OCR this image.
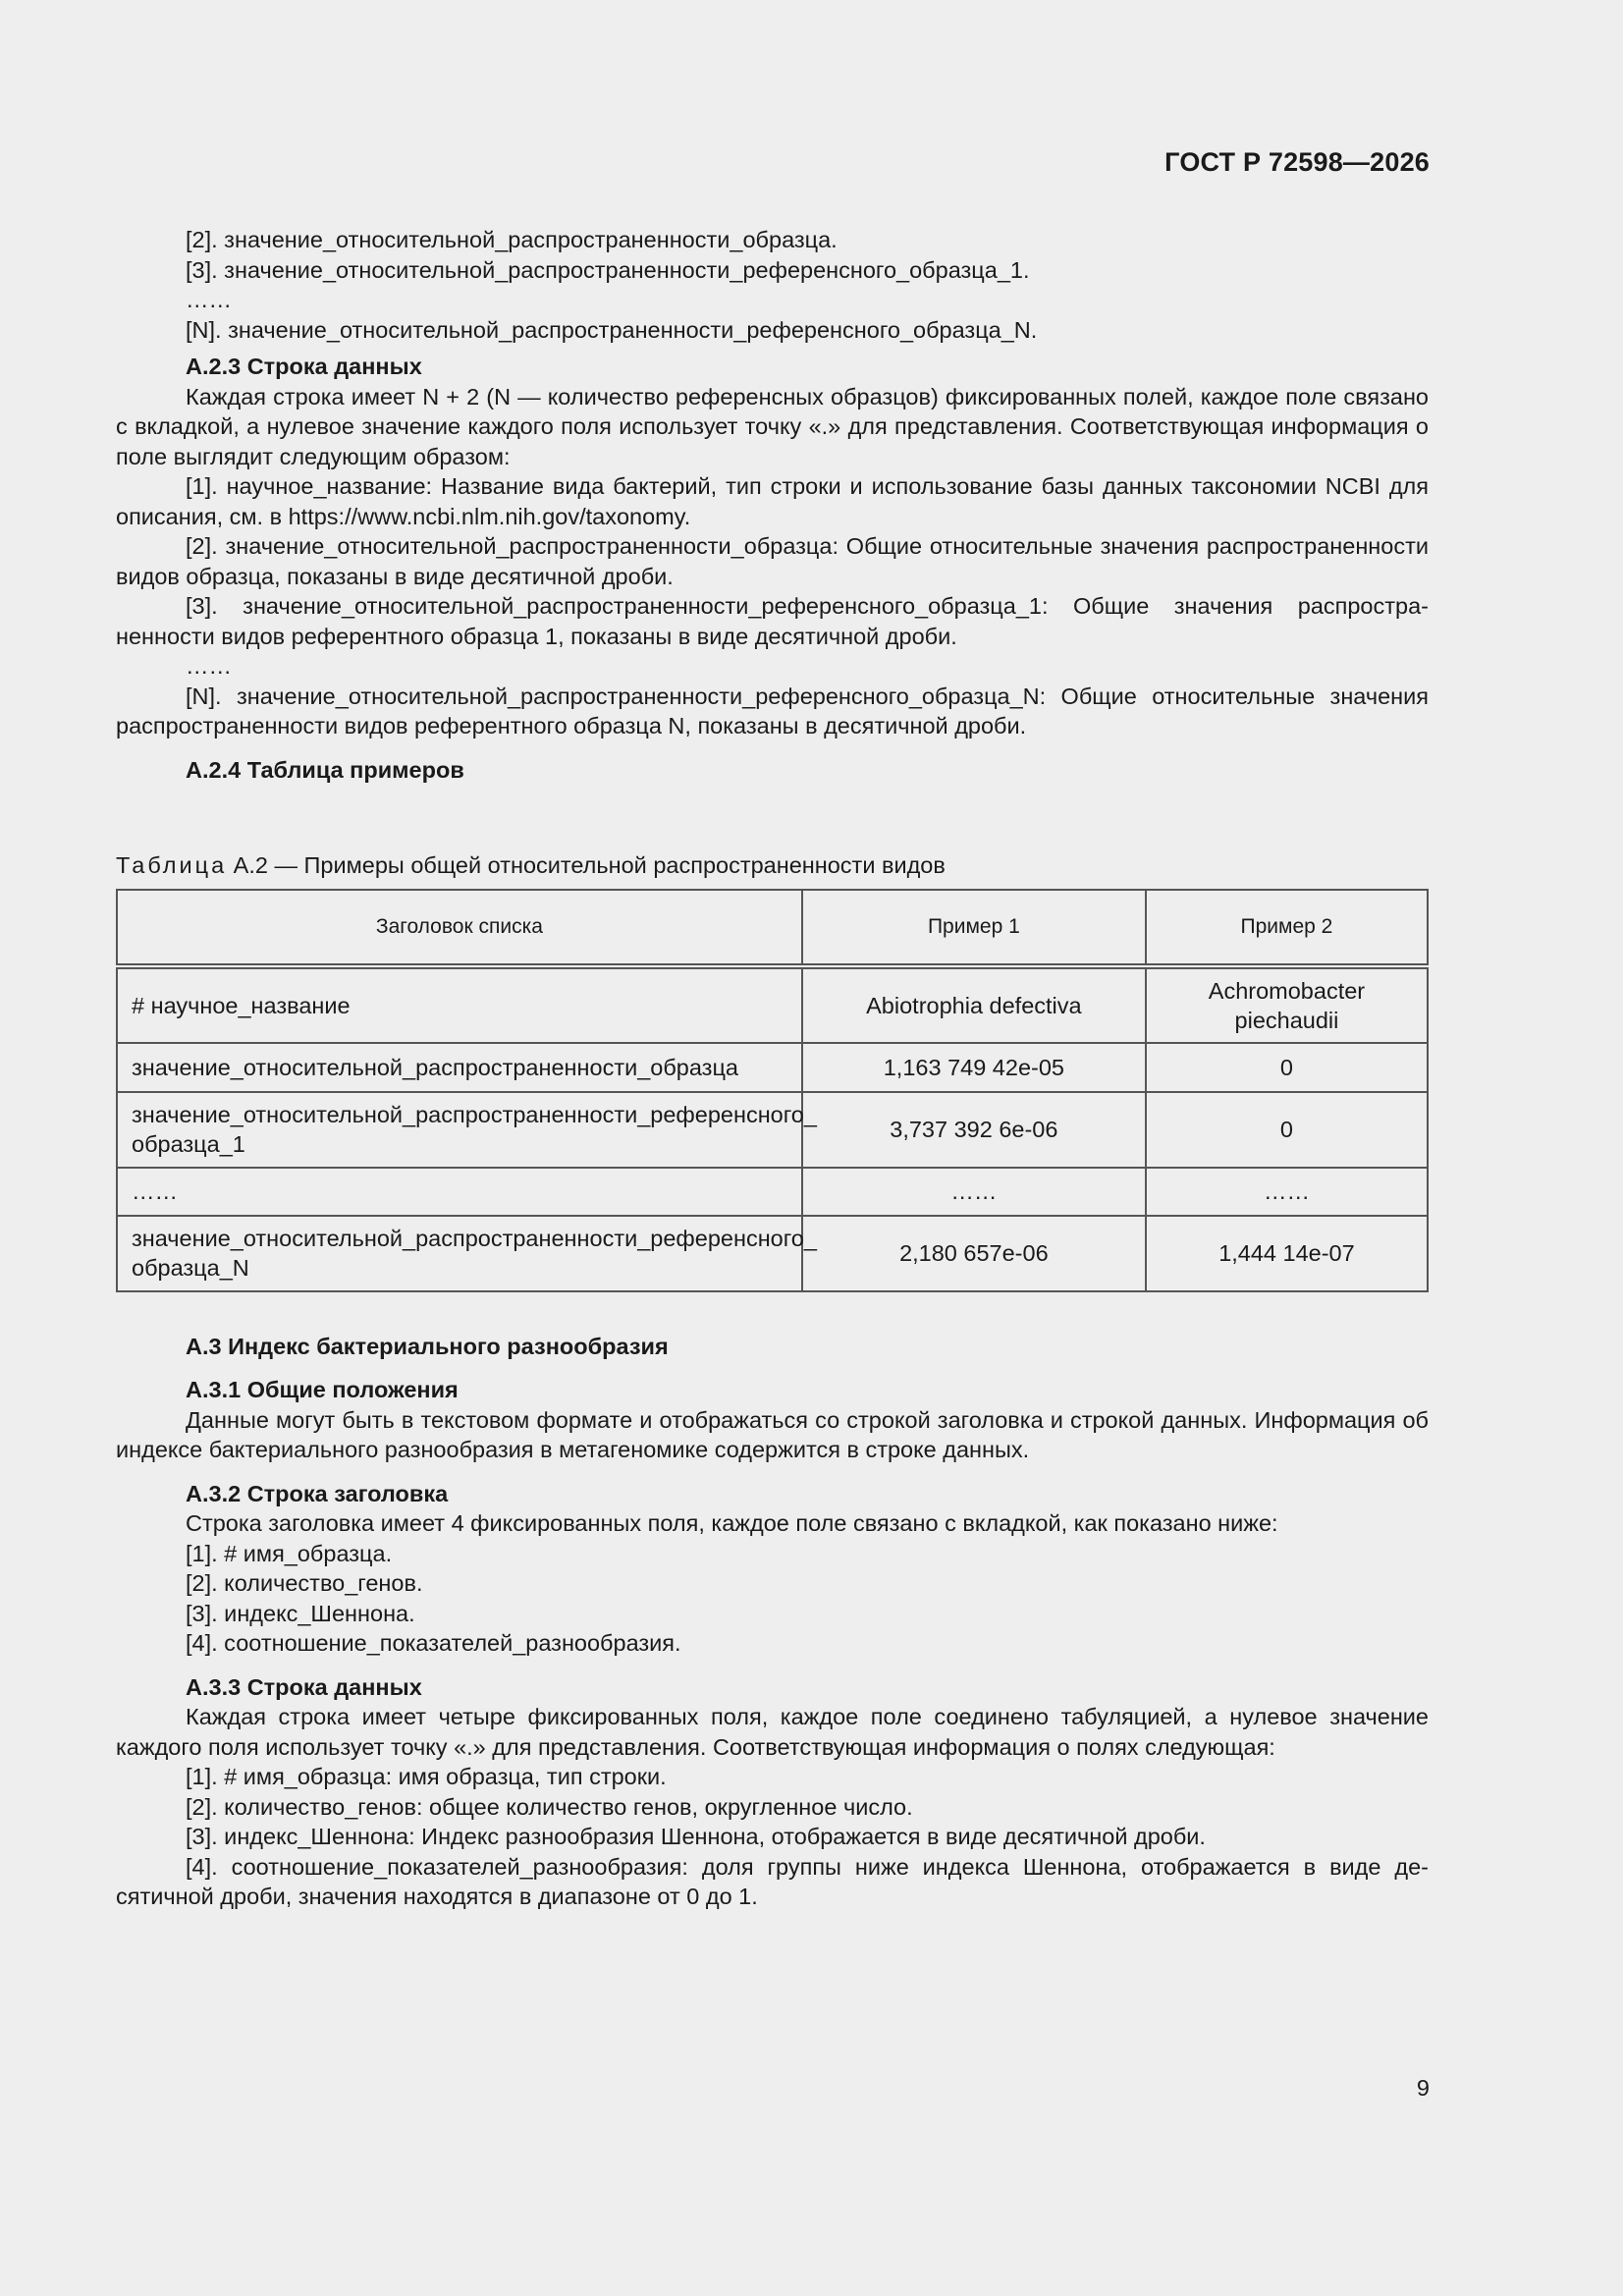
ГОСТ Р 72598—2026

[2]. значение_относительной_распространенности_образца.

[3]. значение_относительной_распространенности_референсного_образца_1.

……

[N]. значение_относительной_распространенности_референсного_образца_N.

А.2.3 Строка данных

Каждая строка имеет N + 2 (N — количество референсных образцов) фиксированных полей, каждое поле связано с вкладкой, а нулевое значение каждого поля использует точку «.» для представления. Соответствующая информация о поле выглядит следующим образом:

[1]. научное_название: Название вида бактерий, тип строки и использование базы данных таксономии NCBI для описания, см. в https://www.ncbi.nlm.nih.gov/taxonomy.

[2]. значение_относительной_распространенности_образца: Общие относительные значения распространенности видов образца, показаны в виде десятичной дроби.

[3]. значение_относительной_распространенности_референсного_образца_1: Общие значения распространенности видов референтного образца 1, показаны в виде десятичной дроби.

……

[N]. значение_относительной_распространенности_референсного_образца_N: Общие относительные значения распространенности видов референтного образца N, показаны в десятичной дроби.

А.2.4 Таблица примеров

Таблица А.2 — Примеры общей относительной распространенности видов

Заголовок списка	Пример 1	Пример 2
# научное_название	Abiotrophia defectiva	Achromobacter piechaudii
значение_относительной_распространенности_образца	1,163 749 42e-05	0
значение_относительной_распространенности_референсного_ образца_1	3,737 392 6e-06	0
……	……	……
значение_относительной_распространенности_референсного_ образца_N	2,180 657e-06	1,444 14e-07

А.3 Индекс бактериального разнообразия

А.3.1 Общие положения

Данные могут быть в текстовом формате и отображаться со строкой заголовка и строкой данных. Информация об индексе бактериального разнообразия в метагеномике содержится в строке данных.

А.3.2 Строка заголовка

Строка заголовка имеет 4 фиксированных поля, каждое поле связано с вкладкой, как показано ниже:

[1]. # имя_образца.

[2]. количество_генов.

[3]. индекс_Шеннона.

[4]. соотношение_показателей_разнообразия.

А.3.3 Строка данных

Каждая строка имеет четыре фиксированных поля, каждое поле соединено табуляцией, а нулевое значение каждого поля использует точку «.» для представления. Соответствующая информация о полях следующая:

[1]. # имя_образца: имя образца, тип строки.

[2]. количество_генов: общее количество генов, округленное число.

[3]. индекс_Шеннона: Индекс разнообразия Шеннона, отображается в виде десятичной дроби.

[4]. соотношение_показателей_разнообразия: доля группы ниже индекса Шеннона, отображается в виде десятичной дроби, значения находятся в диапазоне от 0 до 1.

9
